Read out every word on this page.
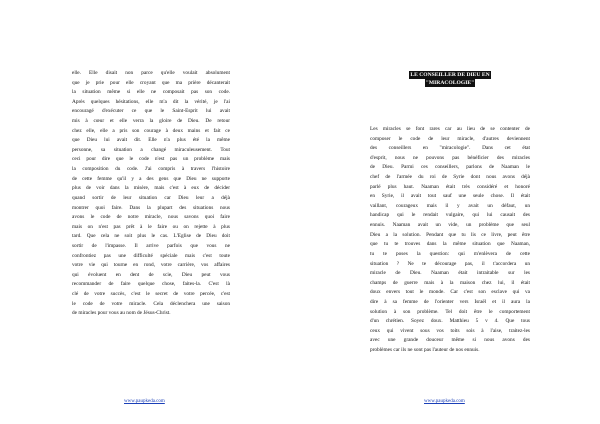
elle. Elle disait non parce qu'elle voulait absolument
que je prie pour elle croyant que ma prière décanterait
la situation même si elle ne composait pas son code.
Après quelques hésitations, elle m'a dit la vérité, je l'ai
encouragé d'exécuter ce que le Saint-Esprit lui avait
mis à cœur et elle verra la gloire de Dieu. De retour
chez elle, elle a pris son courage à deux mains et fait ce
que Dieu lui avait dit. Elle n'a plus été la même
personne, sa situation a changé miraculeusement. Tout
ceci pour dire que le code n'est pas un problème mais
la composition du code. J'ai compris à travers l'histoire
de cette femme qu'il y a des gens que Dieu ne supporte
plus de voir dans la misère, mais c'est à eux de décider
quand sortir de leur situation car Dieu leur a déjà
montrer quoi faire. Dans la plupart des situations nous
avons le code de notre miracle, nous savons quoi faire
mais on n'est pas prêt à le faire ou on rejette à plus
tard. Que cela ne soit plus le cas. L'Eglise de Dieu doit
sortir de l'impasse. Il arrive parfois que vous ne
confrontiez pas une difficulté spéciale mais c'est toute
votre vie qui tourne en rond, votre carrière, vos affaires
qui évoluent en dent de scie, Dieu peut vous
recommander de faire quelque chose, faites-la. C'est là
clé de votre succès, c'est le secret de votre percée, c'est
le code de votre miracle. Cela déclenchera une saison
de miracles pour vous au nom de Jésus-Christ.
www.paupkeda.com
LE CONSEILLER DE DIEU EN
"MIRACOLOGIE"
Les miracles se font rares car au lieu de se contenter de
composer le code de leur miracle, d'autres deviennent
des conseillers en "miracologie". Dans cet état
d'esprit, nous ne pouvons pas bénéficier des miracles
de Dieu. Parmi ces conseillers, parlons de Naaman le
chef de l'armée du roi de Syrie dont nous avons déjà
parlé plus haut. Naaman était très considéré et honoré
en Syrie, il avait tout sauf une seule chose. Il était
vaillant, courageux mais il y avait un défaut, un
handicap qui le rendait vulgaire, qui lui causait des
ennuis. Naaman avait un vide, un problème que seul
Dieu a la solution. Pendant que tu lis ce livre, peut être
que tu te trouves dans la même situation que Naaman,
tu te poses la question: qui m'enlèvera de cette
situation ? Ne te décourage pas, il t'accordera un
miracle de Dieu. Naaman était intraitable sur les
champs de guerre mais à la maison chez lui, il était
doux envers tout le monde. Car c'est son esclave qui va
dire à sa femme de l'orienter vers Israël et il aura la
solution à son problème. Tel doit être le comportement
d'un chrétien. Soyez doux. Matthieu 5 v 4. Que tous
ceux qui vivent sous vos toits sois à l'aise, traitez-les
avec une grande douceur même si nous avons des
problèmes car ils ne sont pas l'auteur de nos ennuis.
www.paupkeda.com
